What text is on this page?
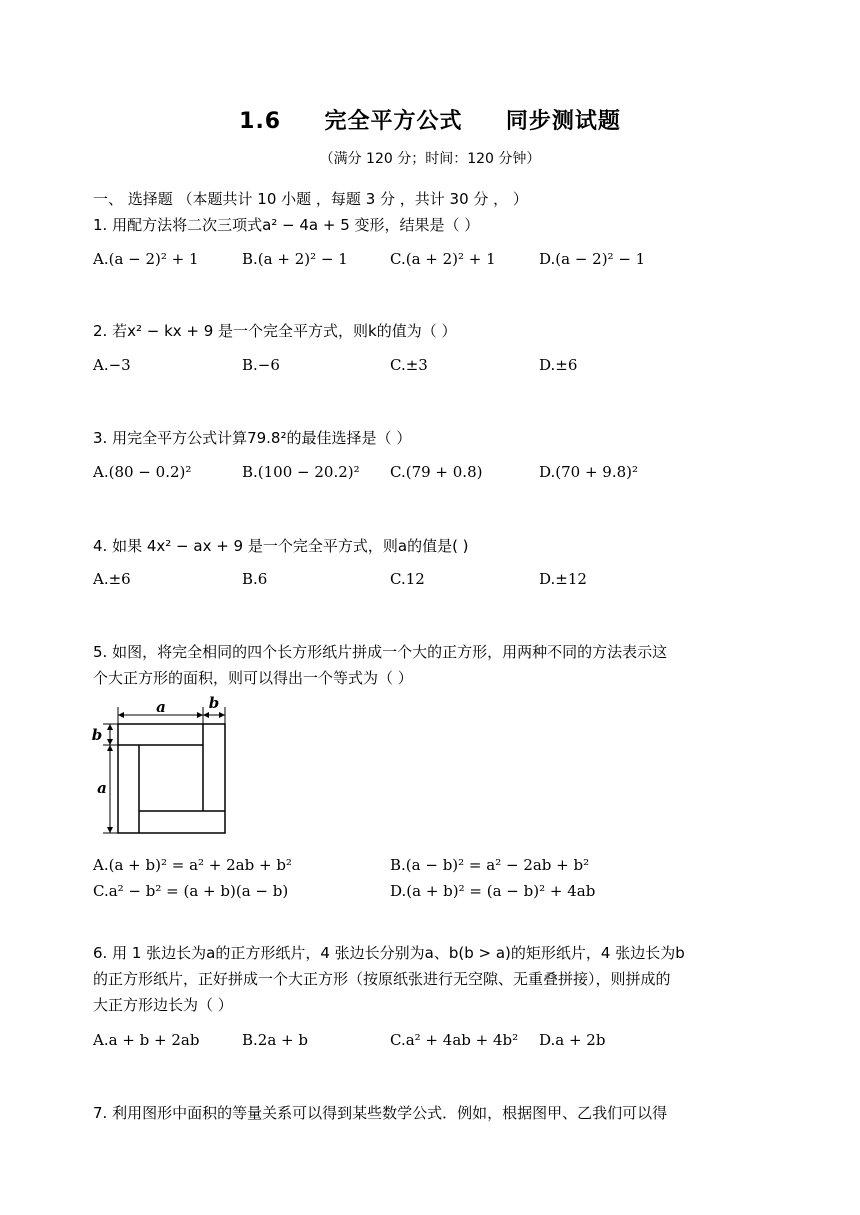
1.6 完全平方公式 同步测试题
（满分 120 分；时间：120 分钟）
一、 选择题 （本题共计 10 小题 ，每题 3 分 ，共计 30 分 ， ）
1. 用配方法将二次三项式a² − 4a + 5 变形，结果是（ ）
A.(a − 2)² + 1	B.(a + 2)² − 1	C.(a + 2)² + 1	D.(a − 2)² − 1
2. 若x² − kx + 9 是一个完全平方式，则k的值为（ ）
A.−3	B.−6	C.±3	D.±6
3. 用完全平方公式计算79.8²的最佳选择是（ ）
A.(80 − 0.2)²	B.(100 − 20.2)² C.(79 + 0.8)	D.(70 + 9.8)²
4. 如果 4x² − ax + 9 是一个完全平方式，则a的值是( )
A.±6	B.6	C.12	D.±12
5. 如图，将完全相同的四个长方形纸片拼成一个大的正方形，用两种不同的方法表示这
个大正方形的面积，则可以得出一个等式为（ ）
a	b
b
a
A.(a + b)² = a² + 2ab + b²	B.(a − b)² = a² − 2ab + b²
C.a² − b² = (a + b)(a − b)	D.(a + b)² = (a − b)² + 4ab
6. 用 1 张边长为a的正方形纸片，4 张边长分别为a、b(b > a)的矩形纸片，4 张边长为b
的正方形纸片，正好拼成一个大正方形（按原纸张进行无空隙、无重叠拼接），则拼成的
大正方形边长为（ ）
A.a + b + 2ab	B.2a + b	C.a² + 4ab + 4b² D.a + 2b
7. 利用图形中面积的等量关系可以得到某些数学公式．例如，根据图甲、乙我们可以得
